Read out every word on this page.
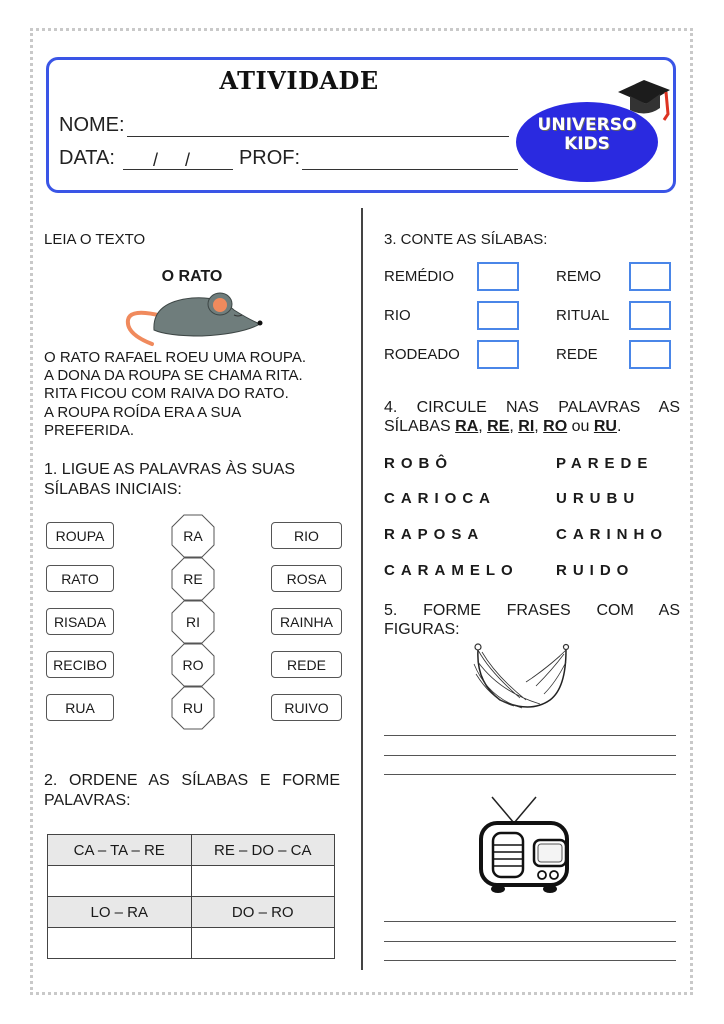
ATIVIDADE
NOME:
DATA: / / PROF:
UNIVERSO
KIDS
LEIA O TEXTO
O RATO
O RATO RAFAEL ROEU UMA ROUPA.
A DONA DA ROUPA SE CHAMA RITA.
RITA FICOU COM RAIVA DO RATO.
A ROUPA ROÍDA ERA A SUA
PREFERIDA.
1. LIGUE AS PALAVRAS ÀS SUAS
SÍLABAS INICIAIS:
ROUPA
RATO
RISADA
RECIBO
RUA
RA
RE
RI
RO
RU
RIO
ROSA
RAINHA
REDE
RUIVO
2. ORDENE AS SÍLABAS E FORME
PALAVRAS:
CA – TA – RE	RE – DO – CA

LO – RA	DO – RO

3. CONTE AS SÍLABAS:
REMÉDIO	REMO
RIO	RITUAL
RODEADO	REDE
4. CIRCULE NAS PALAVRAS AS
SÍLABAS RA, RE, RI, RO ou RU.
ROBÔ	PAREDE
CARIOCA	URUBU
RAPOSA	CARINHO
CARAMELO RUIDO
5. FORME FRASES COM AS
FIGURAS:
